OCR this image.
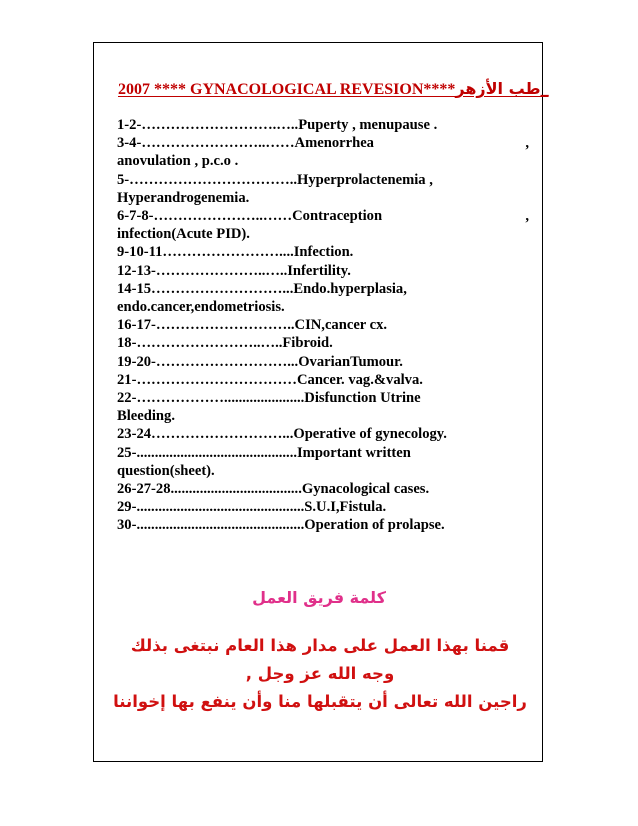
2007 **** GYNACOLOGICAL REVESION****طب الأزهر_
1-2-……………………….…..Puperty , menupause .
3-4-……………………..……Amenorrhea	,
anovulation , p.c.o .
5-……………………………..Hyperprolactenemia ,
Hyperandrogenemia.
6-7-8-…………………..……Contraception	,
infection(Acute PID).
9-10-11……………………....Infection.
12-13-…………………..…..Infertility.
14-15………………………...Endo.hyperplasia,
endo.cancer,endometriosis.
16-17-………………………..CIN,cancer cx.
18-……………………..…..Fibroid.
19-20-………………………...OvarianTumour.
21-……………………………Cancer. vag.&valva.
22-………………......................Disfunction Utrine
Bleeding.
23-24………………………...Operative of gynecology.
25-............................................Important written
question(sheet).
26-27-28....................................Gynacological cases.
29-..............................................S.U.I,Fistula.
30-..............................................Operation of prolapse.
كلمة فريق العمل
قمنا بهذا العمل على مدار هذا العام نبتغى بذلك
وجه الله عز وجل ,
راجين الله تعالى أن يتقبلها منا وأن ينفع بها إخواننا
